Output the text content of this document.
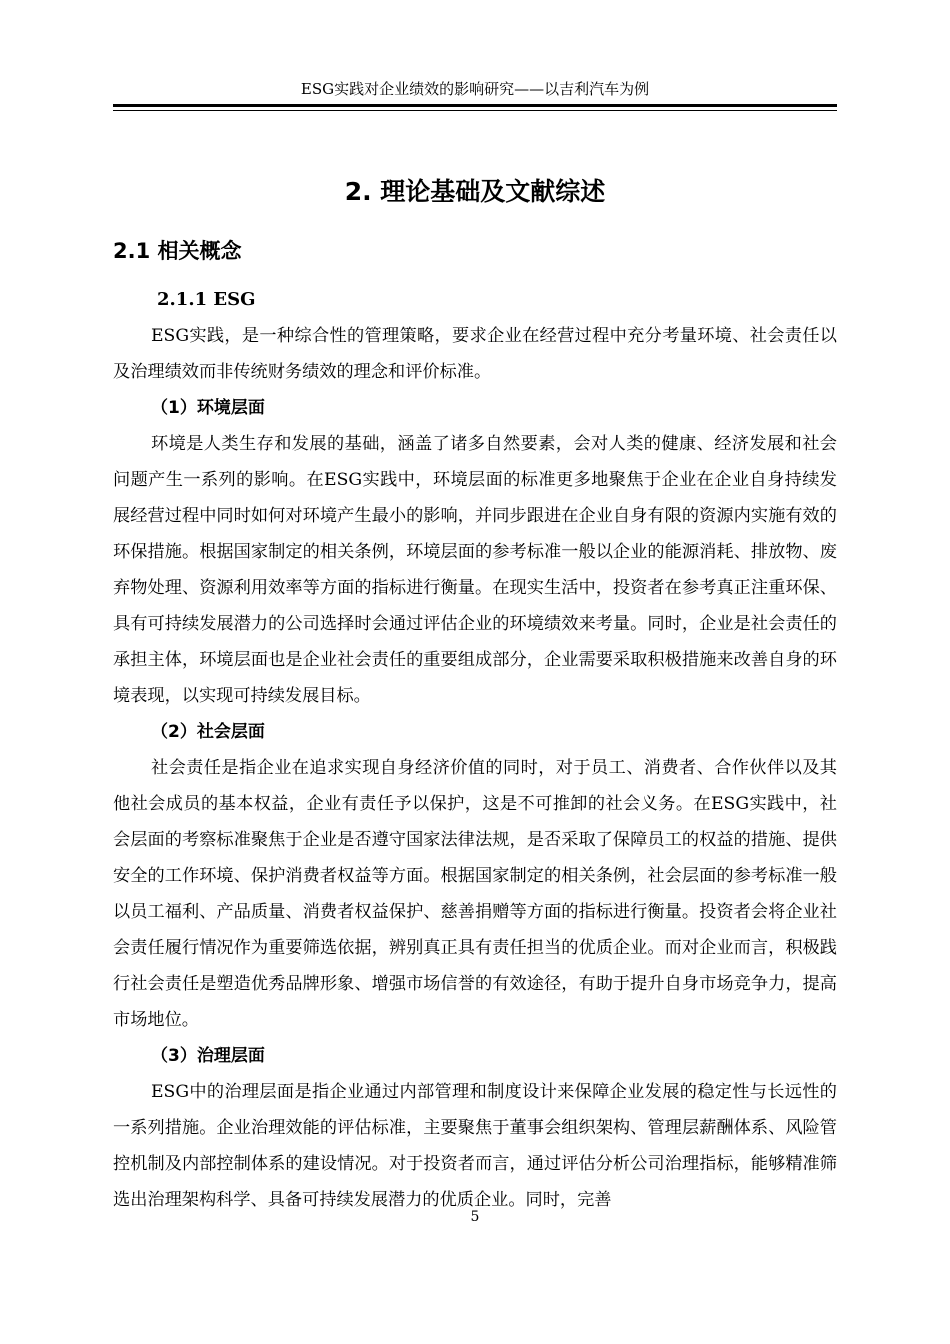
ESG实践对企业绩效的影响研究——以吉利汽车为例
2. 理论基础及文献综述
2.1 相关概念
2.1.1 ESG

ESG实践，是一种综合性的管理策略，要求企业在经营过程中充分考量环境、社会责任以及治理绩效而非传统财务绩效的理念和评价标准。

（1）环境层面

环境是人类生存和发展的基础，涵盖了诸多自然要素，会对人类的健康、经济发展和社会问题产生一系列的影响。在ESG实践中，环境层面的标准更多地聚焦于企业在企业自身持续发展经营过程中同时如何对环境产生最小的影响，并同步跟进在企业自身有限的资源内实施有效的环保措施。根据国家制定的相关条例，环境层面的参考标准一般以企业的能源消耗、排放物、废弃物处理、资源利用效率等方面的指标进行衡量。在现实生活中，投资者在参考真正注重环保、具有可持续发展潜力的公司选择时会通过评估企业的环境绩效来考量。同时，企业是社会责任的承担主体，环境层面也是企业社会责任的重要组成部分，企业需要采取积极措施来改善自身的环境表现，以实现可持续发展目标。

（2）社会层面

社会责任是指企业在追求实现自身经济价值的同时，对于员工、消费者、合作伙伴以及其他社会成员的基本权益，企业有责任予以保护，这是不可推卸的社会义务。在ESG实践中，社会层面的考察标准聚焦于企业是否遵守国家法律法规，是否采取了保障员工的权益的措施、提供安全的工作环境、保护消费者权益等方面。根据国家制定的相关条例，社会层面的参考标准一般以员工福利、产品质量、消费者权益保护、慈善捐赠等方面的指标进行衡量。投资者会将企业社会责任履行情况作为重要筛选依据，辨别真正具有责任担当的优质企业。而对企业而言，积极践行社会责任是塑造优秀品牌形象、增强市场信誉的有效途径，有助于提升自身市场竞争力，提高市场地位。

（3）治理层面

ESG中的治理层面是指企业通过内部管理和制度设计来保障企业发展的稳定性与长远性的一系列措施。企业治理效能的评估标准，主要聚焦于董事会组织架构、管理层薪酬体系、风险管控机制及内部控制体系的建设情况。对于投资者而言，通过评估分析公司治理指标，能够精准筛选出治理架构科学、具备可持续发展潜力的优质企业。同时，完善

5
